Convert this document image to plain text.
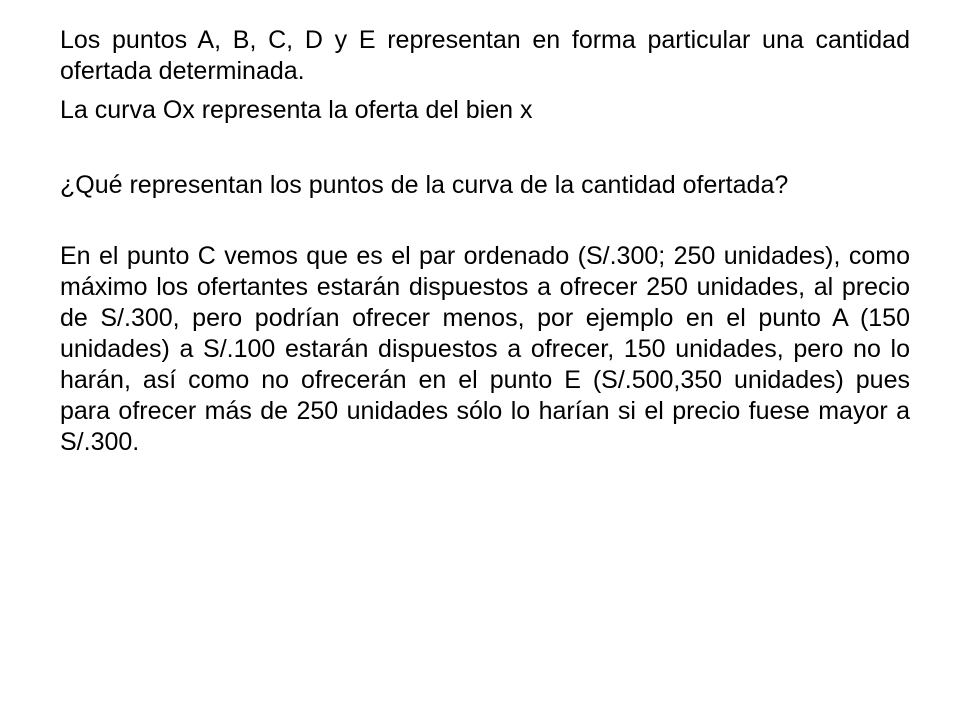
Los puntos A, B, C, D y E representan en forma particular una cantidad ofertada determinada.

La curva Ox representa la oferta del bien x

¿Qué representan los puntos de la curva de la cantidad ofertada?

En el punto C vemos que es el par ordenado (S/.300; 250 unidades), como máximo los ofertantes estarán dispuestos a ofrecer 250 unidades, al precio de S/.300, pero podrían ofrecer menos, por ejemplo en el punto A (150 unidades) a S/.100 estarán dispuestos a ofrecer, 150 unidades, pero no lo harán, así como no ofrecerán en el punto E (S/.500,350 unidades) pues para ofrecer más de 250 unidades sólo lo harían si el precio fuese mayor a S/.300.
